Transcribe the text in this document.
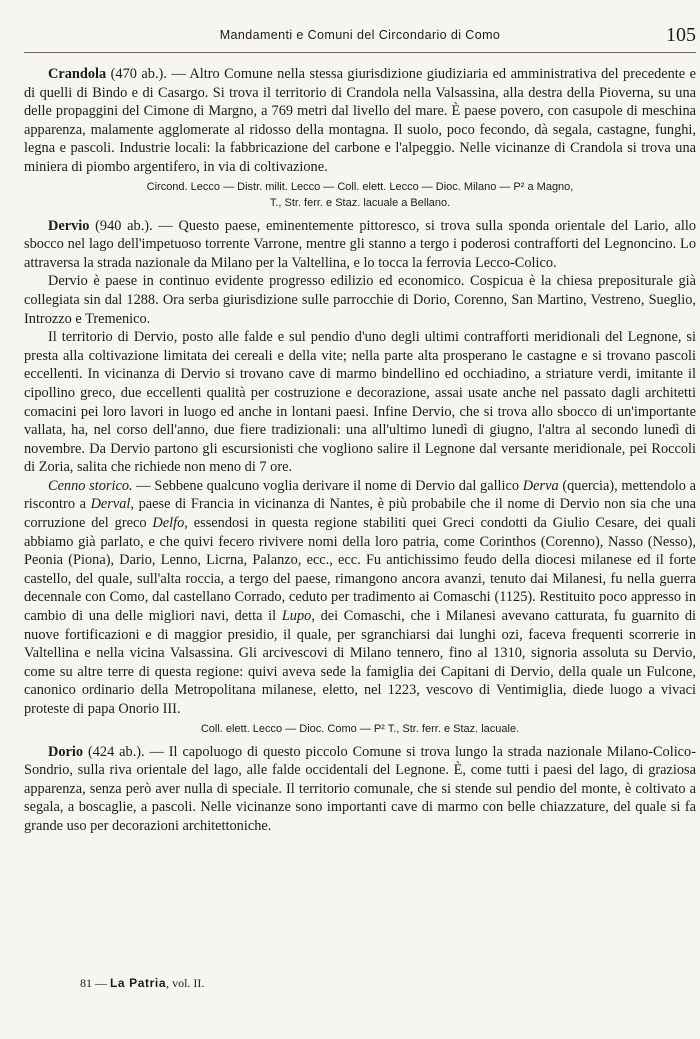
Mandamenti e Comuni del Circondario di Como	105

Crandola (470 ab.). — Altro Comune nella stessa giurisdizione giudiziaria ed amministrativa del precedente e di quelli di Bindo e di Casargo. Si trova il territorio di Crandola nella Valsassina, alla destra della Pioverna, su una delle propaggini del Cimone di Margno, a 769 metri dal livello del mare. È paese povero, con casupole di meschina apparenza, malamente agglomerate al ridosso della montagna. Il suolo, poco fecondo, dà segala, castagne, funghi, legna e pascoli. Industrie locali: la fabbricazione del carbone e l'alpeggio. Nelle vicinanze di Crandola si trova una miniera di piombo argentifero, in via di coltivazione.

Circond. Lecco — Distr. milit. Lecco — Coll. elett. Lecco — Dioc. Milano — P² a Magno,
T., Str. ferr. e Staz. lacuale a Bellano.

Dervio (940 ab.). — Questo paese, eminentemente pittoresco, si trova sulla sponda orientale del Lario, allo sbocco nel lago dell'impetuoso torrente Varrone, mentre gli stanno a tergo i poderosi contrafforti del Legnoncino. Lo attraversa la strada nazionale da Milano per la Valtellina, e lo tocca la ferrovia Lecco-Colico.

Dervio è paese in continuo evidente progresso edilizio ed economico. Cospicua è la chiesa prepositurale già collegiata sin dal 1288. Ora serba giurisdizione sulle parrocchie di Dorio, Corenno, San Martino, Vestreno, Sueglio, Introzzo e Tremenico.

Il territorio di Dervio, posto alle falde e sul pendio d'uno degli ultimi contrafforti meridionali del Legnone, si presta alla coltivazione limitata dei cereali e della vite; nella parte alta prosperano le castagne e si trovano pascoli eccellenti. In vicinanza di Dervio si trovano cave di marmo bindellino ed occhiadino, a striature verdi, imitante il cipollino greco, due eccellenti qualità per costruzione e decorazione, assai usate anche nel passato dagli architetti comacini pei loro lavori in luogo ed anche in lontani paesi. Infine Dervio, che si trova allo sbocco di un'importante vallata, ha, nel corso dell'anno, due fiere tradizionali: una all'ultimo lunedì di giugno, l'altra al secondo lunedì di novembre. Da Dervio partono gli escursionisti che vogliono salire il Legnone dal versante meridionale, pei Roccoli di Zoria, salita che richiede non meno di 7 ore.

Cenno storico. — Sebbene qualcuno voglia derivare il nome di Dervio dal gallico Derva (quercia), mettendolo a riscontro a Derval, paese di Francia in vicinanza di Nantes, è più probabile che il nome di Dervio non sia che una corruzione del greco Delfo, essendosi in questa regione stabiliti quei Greci condotti da Giulio Cesare, dei quali abbiamo già parlato, e che quivi fecero rivivere nomi della loro patria, come Corinthos (Corenno), Nasso (Nesso), Peonia (Piona), Dario, Lenno, Licrna, Palanzo, ecc., ecc. Fu antichissimo feudo della diocesi milanese ed il forte castello, del quale, sull'alta roccia, a tergo del paese, rimangono ancora avanzi, tenuto dai Milanesi, fu nella guerra decennale con Como, dal castellano Corrado, ceduto per tradimento ai Comaschi (1125). Restituito poco appresso in cambio di una delle migliori navi, detta il Lupo, dei Comaschi, che i Milanesi avevano catturata, fu guarnito di nuove fortificazioni e di maggior presidio, il quale, per sgranchiarsi dai lunghi ozi, faceva frequenti scorrerie in Valtellina e nella vicina Valsassina. Gli arcivescovi di Milano tennero, fino al 1310, signoria assoluta su Dervio, come su altre terre di questa regione: quivi aveva sede la famiglia dei Capitani di Dervio, della quale un Fulcone, canonico ordinario della Metropolitana milanese, eletto, nel 1223, vescovo di Ventimiglia, diede luogo a vivaci proteste di papa Onorio III.

Coll. elett. Lecco — Dioc. Como — P² T., Str. ferr. e Staz. lacuale.

Dorio (424 ab.). — Il capoluogo di questo piccolo Comune si trova lungo la strada nazionale Milano-Colico-Sondrio, sulla riva orientale del lago, alle falde occidentali del Legnone. È, come tutti i paesi del lago, di graziosa apparenza, senza però aver nulla di speciale. Il territorio comunale, che si stende sul pendio del monte, è coltivato a segala, a boscaglie, a pascoli. Nelle vicinanze sono importanti cave di marmo con belle chiazzature, del quale si fa grande uso per decorazioni architettoniche.

81 — La Patria, vol. II.
